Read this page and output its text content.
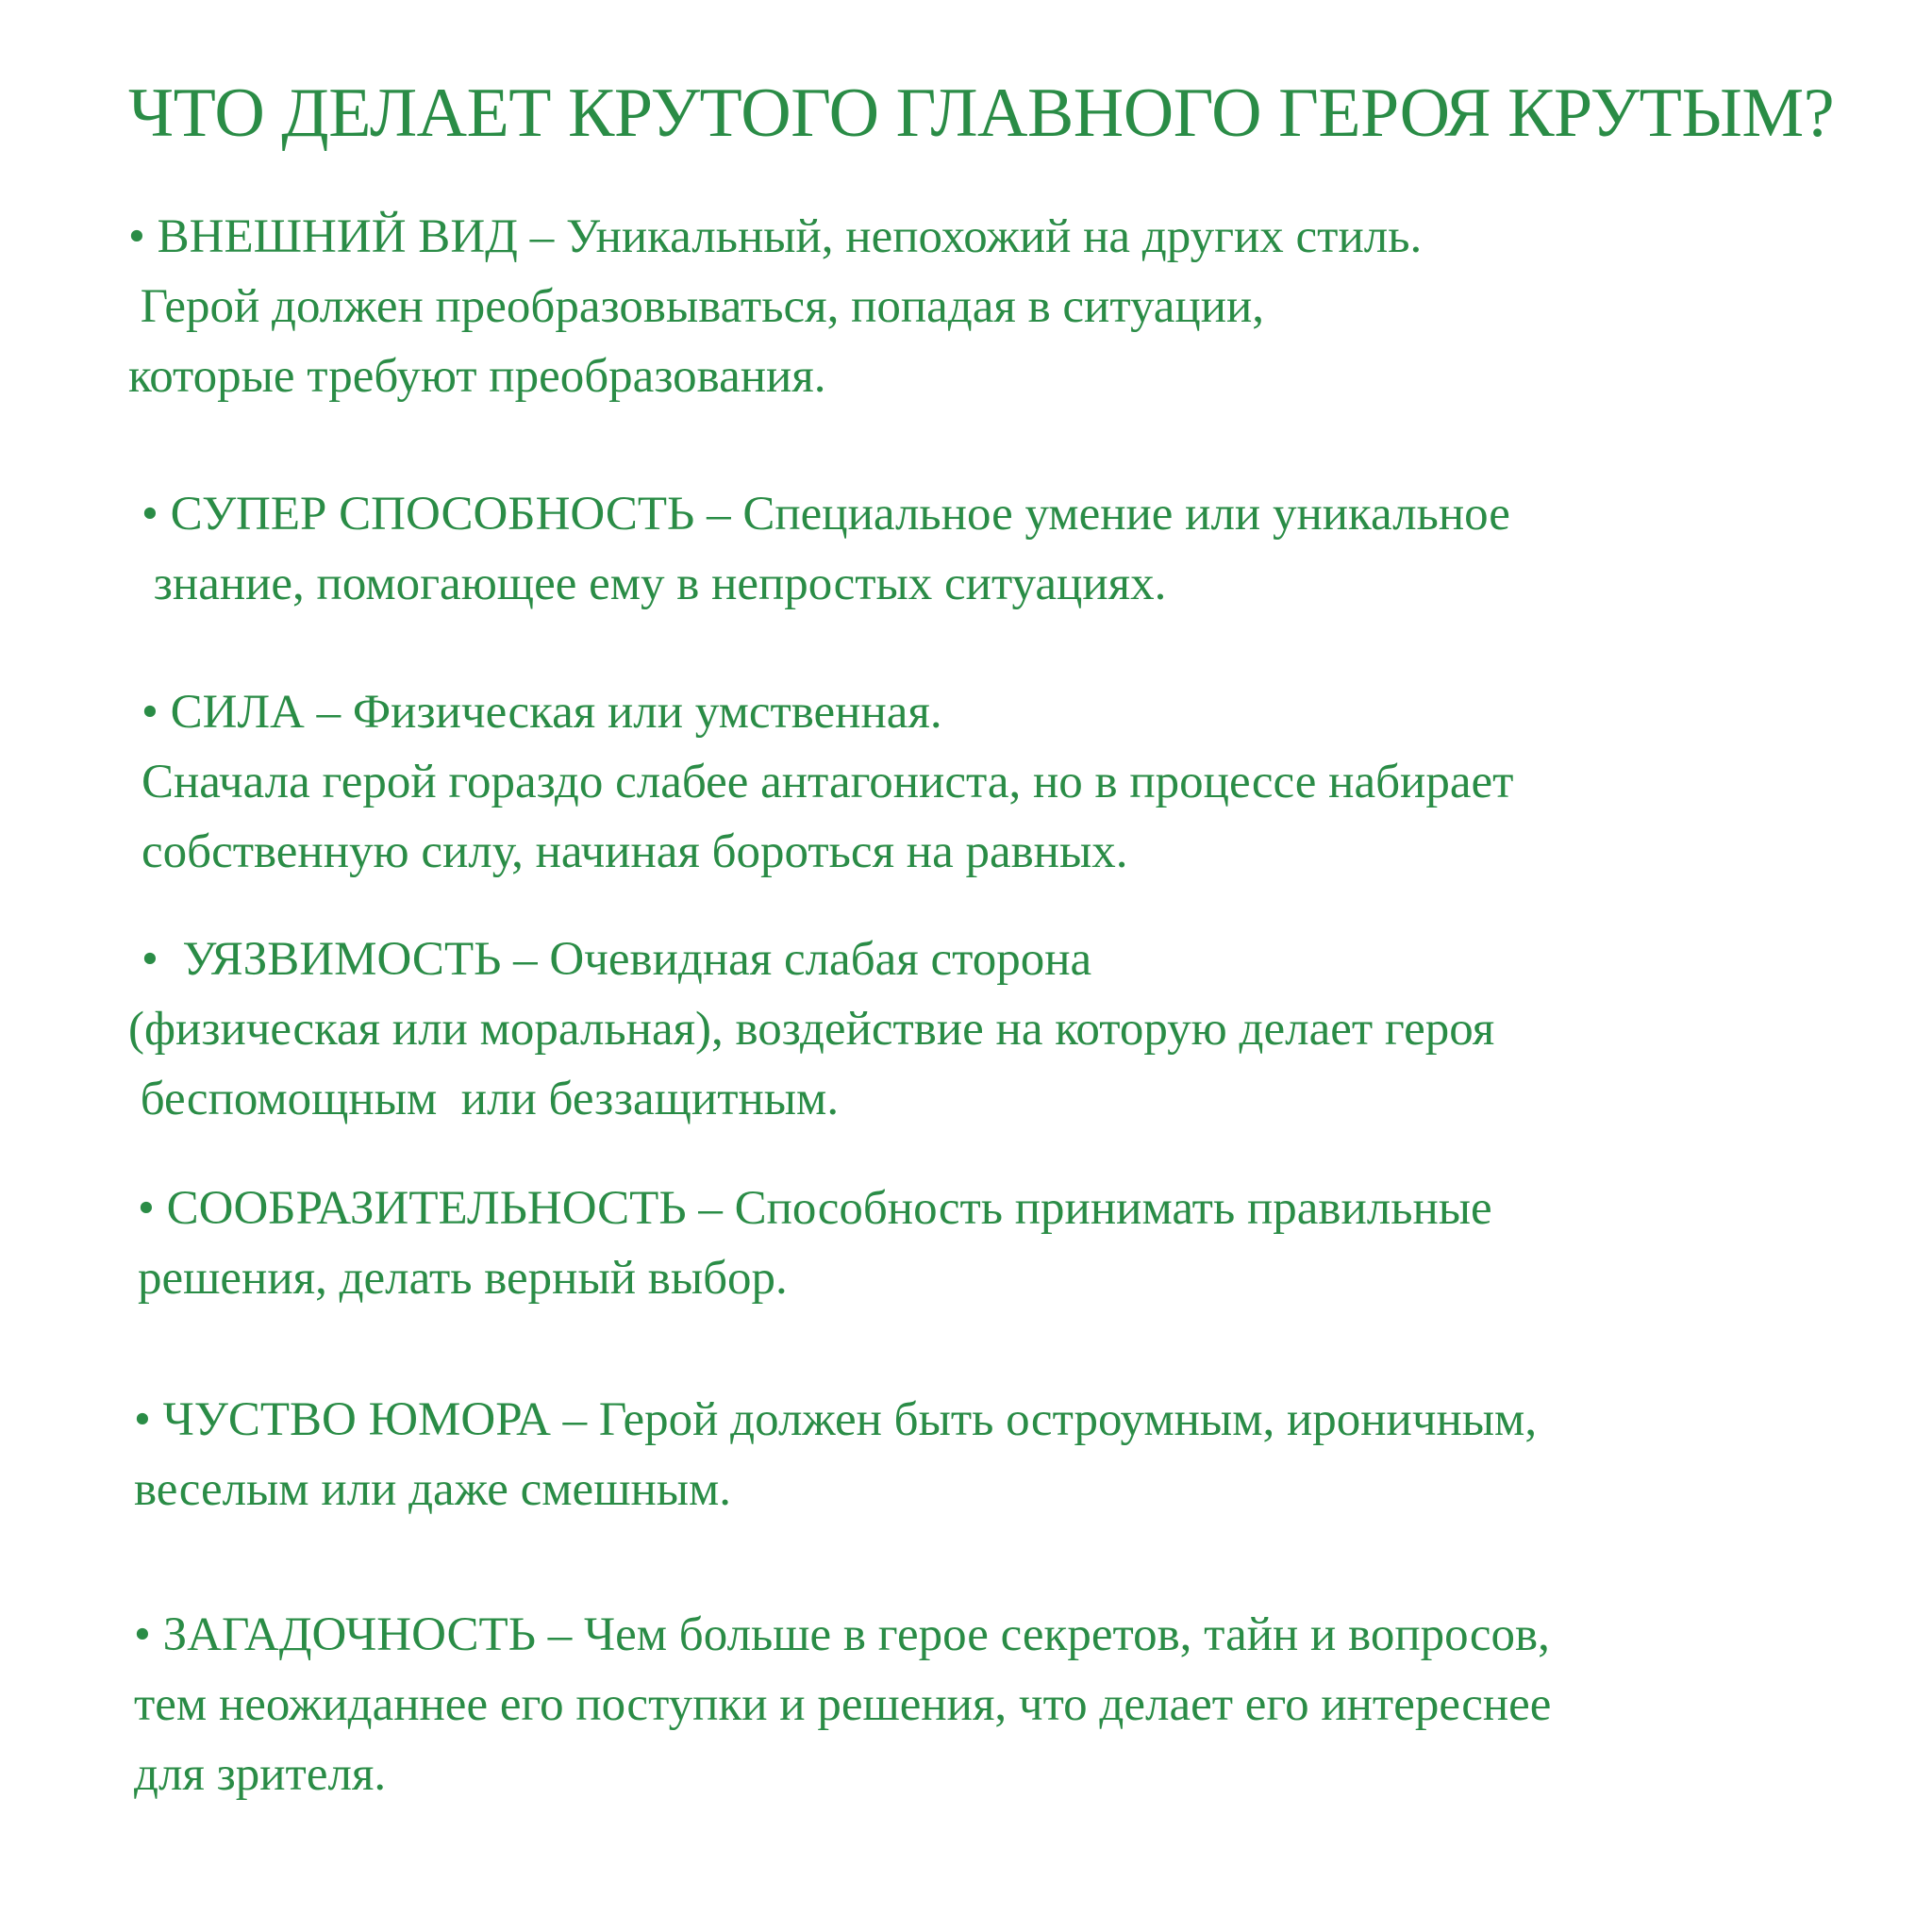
ЧТО ДЕЛАЕТ КРУТОГО ГЛАВНОГО ГЕРОЯ КРУТЫМ?
• ВНЕШНИЙ ВИД – Уникальный, непохожий на других стиль.
Герой должен преобразовываться, попадая в ситуации,
которые требуют преобразования.
• СУПЕР СПОСОБНОСТЬ – Специальное умение или уникальное
знание, помогающее ему в непростых ситуациях.
• СИЛА – Физическая или умственная.
Сначала герой гораздо слабее антагониста, но в процессе набирает
собственную силу, начиная бороться на равных.
•  УЯЗВИМОСТЬ – Очевидная слабая сторона
(физическая или моральная), воздействие на которую делает героя
беспомощным  или беззащитным.
• СООБРАЗИТЕЛЬНОСТЬ – Способность принимать правильные
решения, делать верный выбор.
• ЧУСТВО ЮМОРА – Герой должен быть остроумным, ироничным,
веселым или даже смешным.
• ЗАГАДОЧНОСТЬ – Чем больше в герое секретов, тайн и вопросов,
тем неожиданнее его поступки и решения, что делает его интереснее
для зрителя.
